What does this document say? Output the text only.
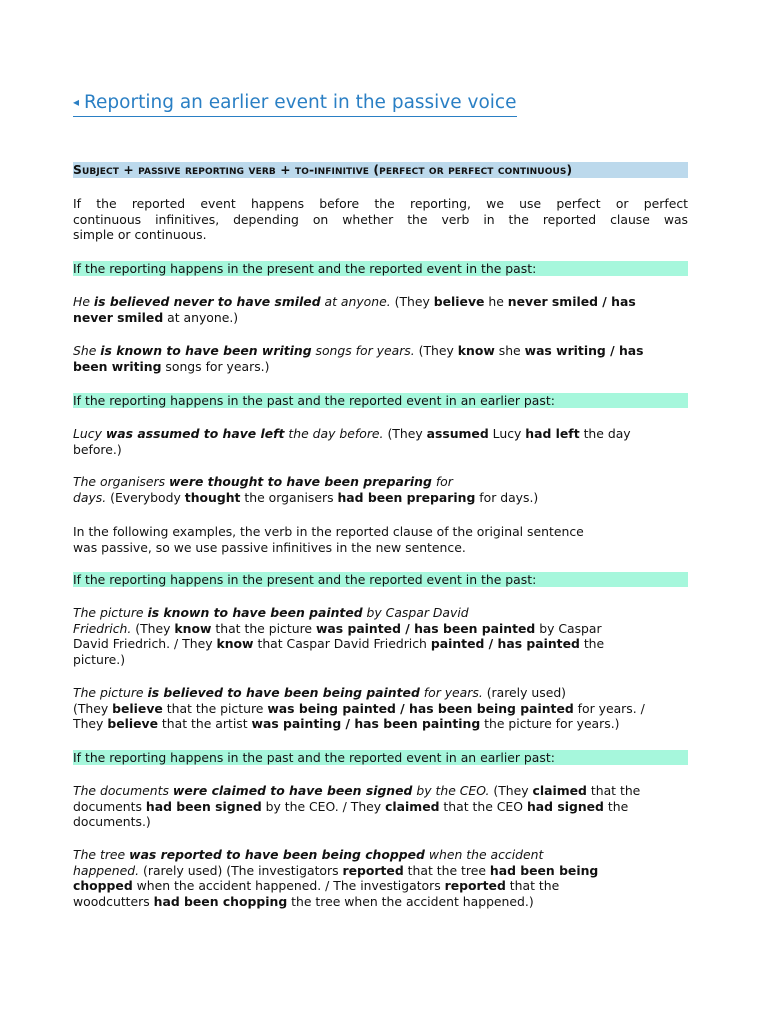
◂ Reporting an earlier event in the passive voice
Subject + passive reporting verb + to-infinitive (perfect or perfect continuous)
If the reported event happens before the reporting, we use perfect or perfect
continuous infinitives, depending on whether the verb in the reported clause was
simple or continuous.
If the reporting happens in the present and the reported event in the past:
He is believed never to have smiled at anyone. (They believe he never smiled / has
never smiled at anyone.)
She is known to have been writing songs for years. (They know she was writing / has
been writing songs for years.)
If the reporting happens in the past and the reported event in an earlier past:
Lucy was assumed to have left the day before. (They assumed Lucy had left the day
before.)
The organisers were thought to have been preparing for
days. (Everybody thought the organisers had been preparing for days.)
In the following examples, the verb in the reported clause of the original sentence
was passive, so we use passive infinitives in the new sentence.
If the reporting happens in the present and the reported event in the past:
The picture is known to have been painted by Caspar David
Friedrich. (They know that the picture was painted / has been painted by Caspar
David Friedrich. / They know that Caspar David Friedrich painted / has painted the
picture.)
The picture is believed to have been being painted for years. (rarely used)
(They believe that the picture was being painted / has been being painted for years. /
They believe that the artist was painting / has been painting the picture for years.)
If the reporting happens in the past and the reported event in an earlier past:
The documents were claimed to have been signed by the CEO. (They claimed that the
documents had been signed by the CEO. / They claimed that the CEO had signed the
documents.)
The tree was reported to have been being chopped when the accident
happened. (rarely used) (The investigators reported that the tree had been being
chopped when the accident happened. / The investigators reported that the
woodcutters had been chopping the tree when the accident happened.)
